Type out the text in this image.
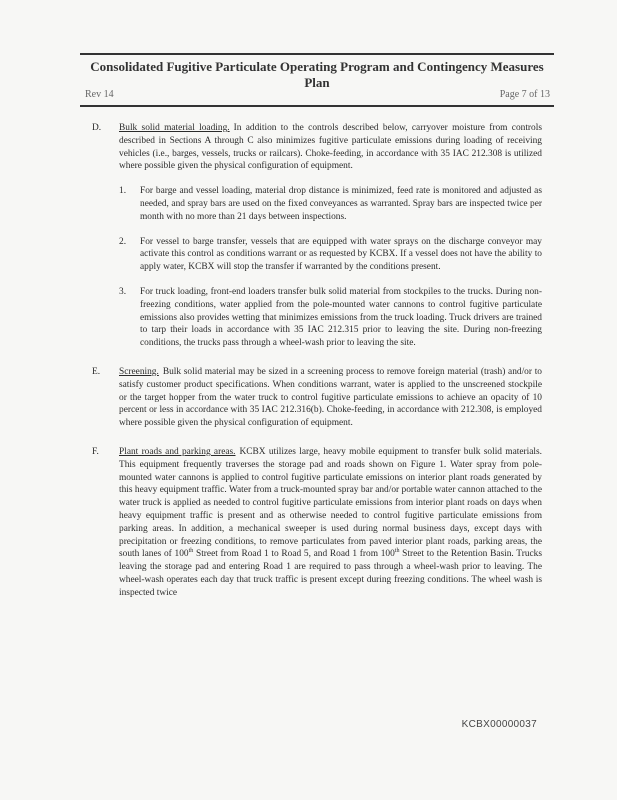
Consolidated Fugitive Particulate Operating Program and Contingency Measures Plan
Rev 14	Page 7 of 13
D. Bulk solid material loading. In addition to the controls described below, carryover moisture from controls described in Sections A through C also minimizes fugitive particulate emissions during loading of receiving vehicles (i.e., barges, vessels, trucks or railcars). Choke-feeding, in accordance with 35 IAC 212.308 is utilized where possible given the physical configuration of equipment.

1. For barge and vessel loading, material drop distance is minimized, feed rate is monitored and adjusted as needed, and spray bars are used on the fixed conveyances as warranted. Spray bars are inspected twice per month with no more than 21 days between inspections.

2. For vessel to barge transfer, vessels that are equipped with water sprays on the discharge conveyor may activate this control as conditions warrant or as requested by KCBX. If a vessel does not have the ability to apply water, KCBX will stop the transfer if warranted by the conditions present.

3. For truck loading, front-end loaders transfer bulk solid material from stockpiles to the trucks. During non-freezing conditions, water applied from the pole-mounted water cannons to control fugitive particulate emissions also provides wetting that minimizes emissions from the truck loading. Truck drivers are trained to tarp their loads in accordance with 35 IAC 212.315 prior to leaving the site. During non-freezing conditions, the trucks pass through a wheel-wash prior to leaving the site.

E. Screening. Bulk solid material may be sized in a screening process to remove foreign material (trash) and/or to satisfy customer product specifications. When conditions warrant, water is applied to the unscreened stockpile or the target hopper from the water truck to control fugitive particulate emissions to achieve an opacity of 10 percent or less in accordance with 35 IAC 212.316(b). Choke-feeding, in accordance with 212.308, is employed where possible given the physical configuration of equipment.

F. Plant roads and parking areas. KCBX utilizes large, heavy mobile equipment to transfer bulk solid materials. This equipment frequently traverses the storage pad and roads shown on Figure 1. Water spray from pole-mounted water cannons is applied to control fugitive particulate emissions on interior plant roads generated by this heavy equipment traffic. Water from a truck-mounted spray bar and/or portable water cannon attached to the water truck is applied as needed to control fugitive particulate emissions from interior plant roads on days when heavy equipment traffic is present and as otherwise needed to control fugitive particulate emissions from parking areas. In addition, a mechanical sweeper is used during normal business days, except days with precipitation or freezing conditions, to remove particulates from paved interior plant roads, parking areas, the south lanes of 100th Street from Road 1 to Road 5, and Road 1 from 100th Street to the Retention Basin. Trucks leaving the storage pad and entering Road 1 are required to pass through a wheel-wash prior to leaving. The wheel-wash operates each day that truck traffic is present except during freezing conditions. The wheel wash is inspected twice

KCBX00000037
